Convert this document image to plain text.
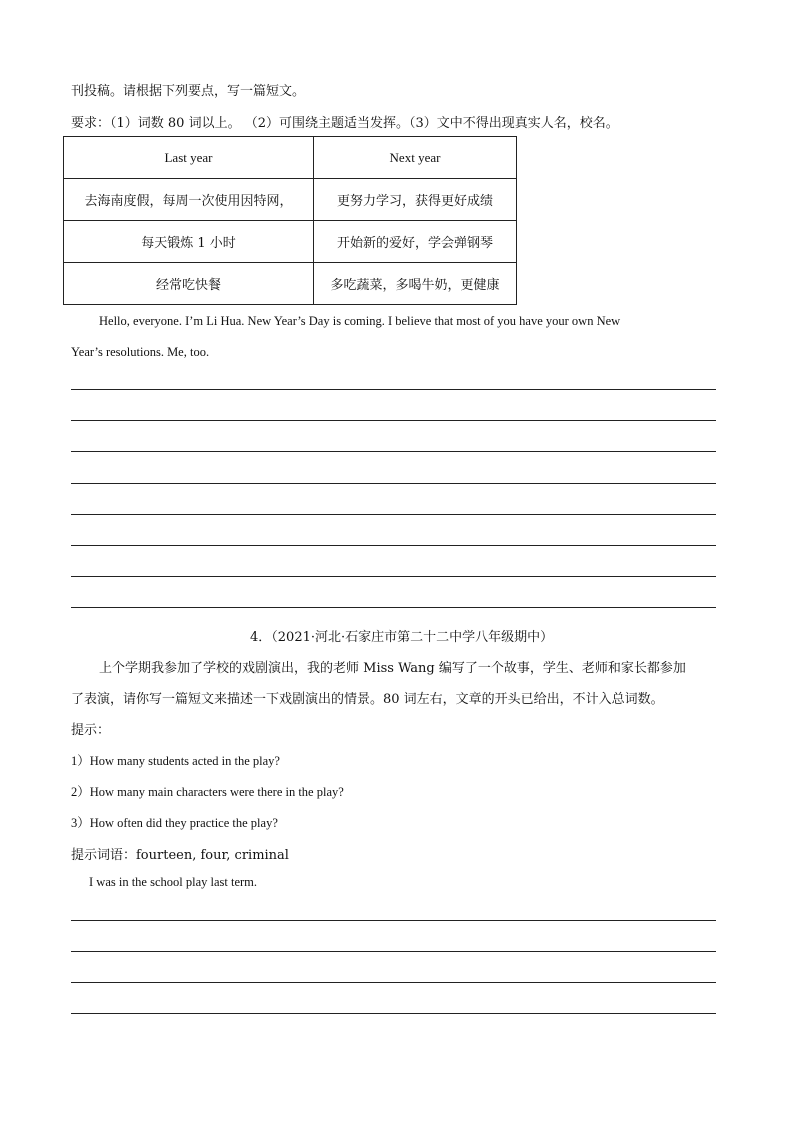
刊投稿。请根据下列要点，写一篇短文。
要求：（1）词数 80 词以上。 （2）可围绕主题适当发挥。（3）文中不得出现真实人名，校名。
Last year	Next year
去海南度假，每周一次使用因特网，	更努力学习，获得更好成绩
每天锻炼 1 小时	开始新的爱好，学会弹钢琴
经常吃快餐	多吃蔬菜，多喝牛奶，更健康
Hello, everyone. I’m Li Hua. New Year’s Day is coming. I believe that most of you have your own New
Year’s resolutions. Me, too.
4．（2021·河北·石家庄市第二十二中学八年级期中）
上个学期我参加了学校的戏剧演出，我的老师 Miss Wang 编写了一个故事，学生、老师和家长都参加
了表演，请你写一篇短文来描述一下戏剧演出的情景。80 词左右，文章的开头已给出，不计入总词数。
提示：
1）How many students acted in the play?
2）How many main characters were there in the play?
3）How often did they practice the play?
提示词语：fourteen, four, criminal
I was in the school play last term.
